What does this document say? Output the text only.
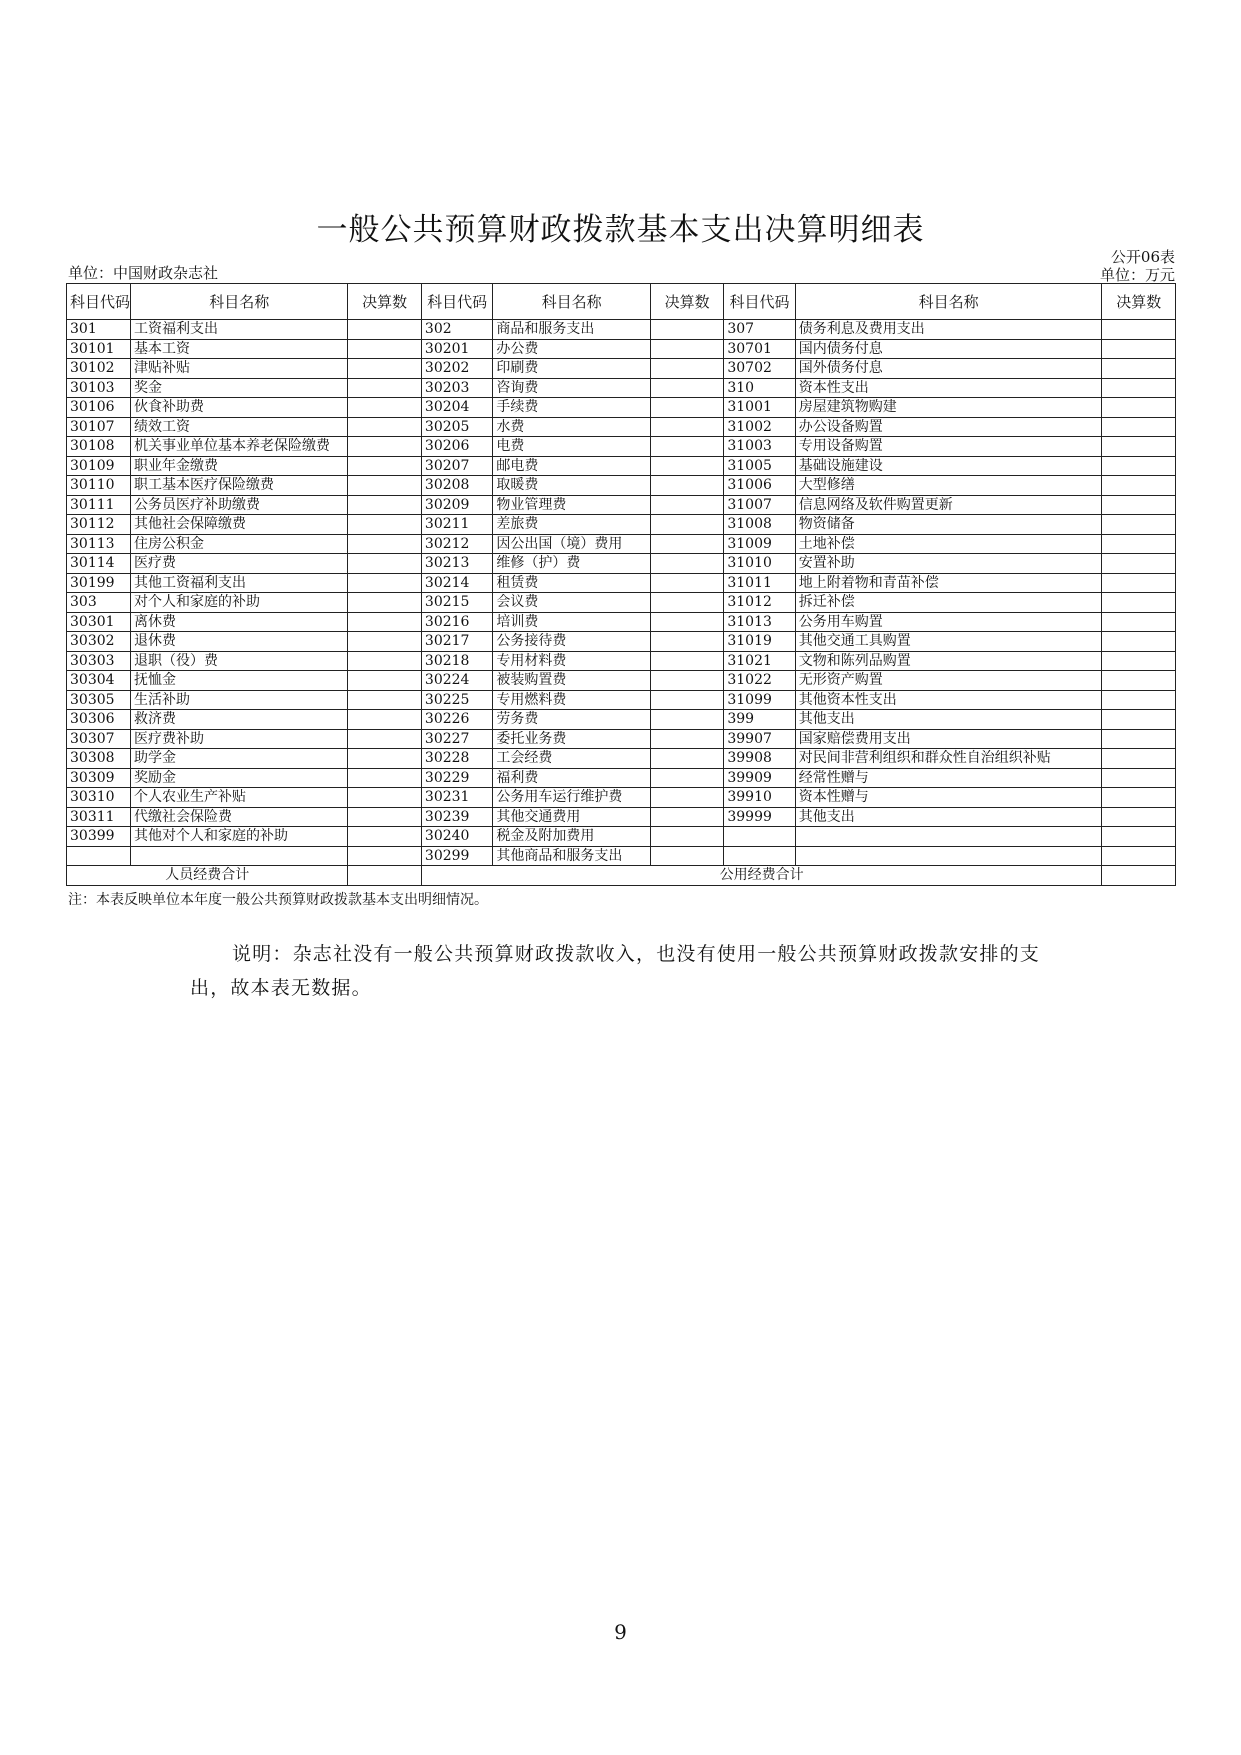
一般公共预算财政拨款基本支出决算明细表
公开06表
单位：中国财政杂志社	单位：万元
科目代码	科目名称	决算数	科目代码	科目名称	决算数	科目代码	科目名称	决算数
301	工资福利支出		302	商品和服务支出		307	债务利息及费用支出	
30101	基本工资		30201	办公费		30701	国内债务付息	
30102	津贴补贴		30202	印刷费		30702	国外债务付息	
30103	奖金		30203	咨询费		310	资本性支出	
30106	伙食补助费		30204	手续费		31001	房屋建筑物购建	
30107	绩效工资		30205	水费		31002	办公设备购置	
30108	机关事业单位基本养老保险缴费		30206	电费		31003	专用设备购置	
30109	职业年金缴费		30207	邮电费		31005	基础设施建设	
30110	职工基本医疗保险缴费		30208	取暖费		31006	大型修缮	
30111	公务员医疗补助缴费		30209	物业管理费		31007	信息网络及软件购置更新	
30112	其他社会保障缴费		30211	差旅费		31008	物资储备	
30113	住房公积金		30212	因公出国（境）费用		31009	土地补偿	
30114	医疗费		30213	维修（护）费		31010	安置补助	
30199	其他工资福利支出		30214	租赁费		31011	地上附着物和青苗补偿	
303	对个人和家庭的补助		30215	会议费		31012	拆迁补偿	
30301	离休费		30216	培训费		31013	公务用车购置	
30302	退休费		30217	公务接待费		31019	其他交通工具购置	
30303	退职（役）费		30218	专用材料费		31021	文物和陈列品购置	
30304	抚恤金		30224	被装购置费		31022	无形资产购置	
30305	生活补助		30225	专用燃料费		31099	其他资本性支出	
30306	救济费		30226	劳务费		399	其他支出	
30307	医疗费补助		30227	委托业务费		39907	国家赔偿费用支出	
30308	助学金		30228	工会经费		39908	对民间非营利组织和群众性自治组织补贴	
30309	奖励金		30229	福利费		39909	经常性赠与	
30310	个人农业生产补贴		30231	公务用车运行维护费		39910	资本性赠与	
30311	代缴社会保险费		30239	其他交通费用		39999	其他支出	
30399	其他对个人和家庭的补助		30240	税金及附加费用				
			30299	其他商品和服务支出				
人员经费合计			公用经费合计					
注：本表反映单位本年度一般公共预算财政拨款基本支出明细情况。
说明：杂志社没有一般公共预算财政拨款收入，也没有使用一般公共预算财政拨款安排的支出，故本表无数据。
9
